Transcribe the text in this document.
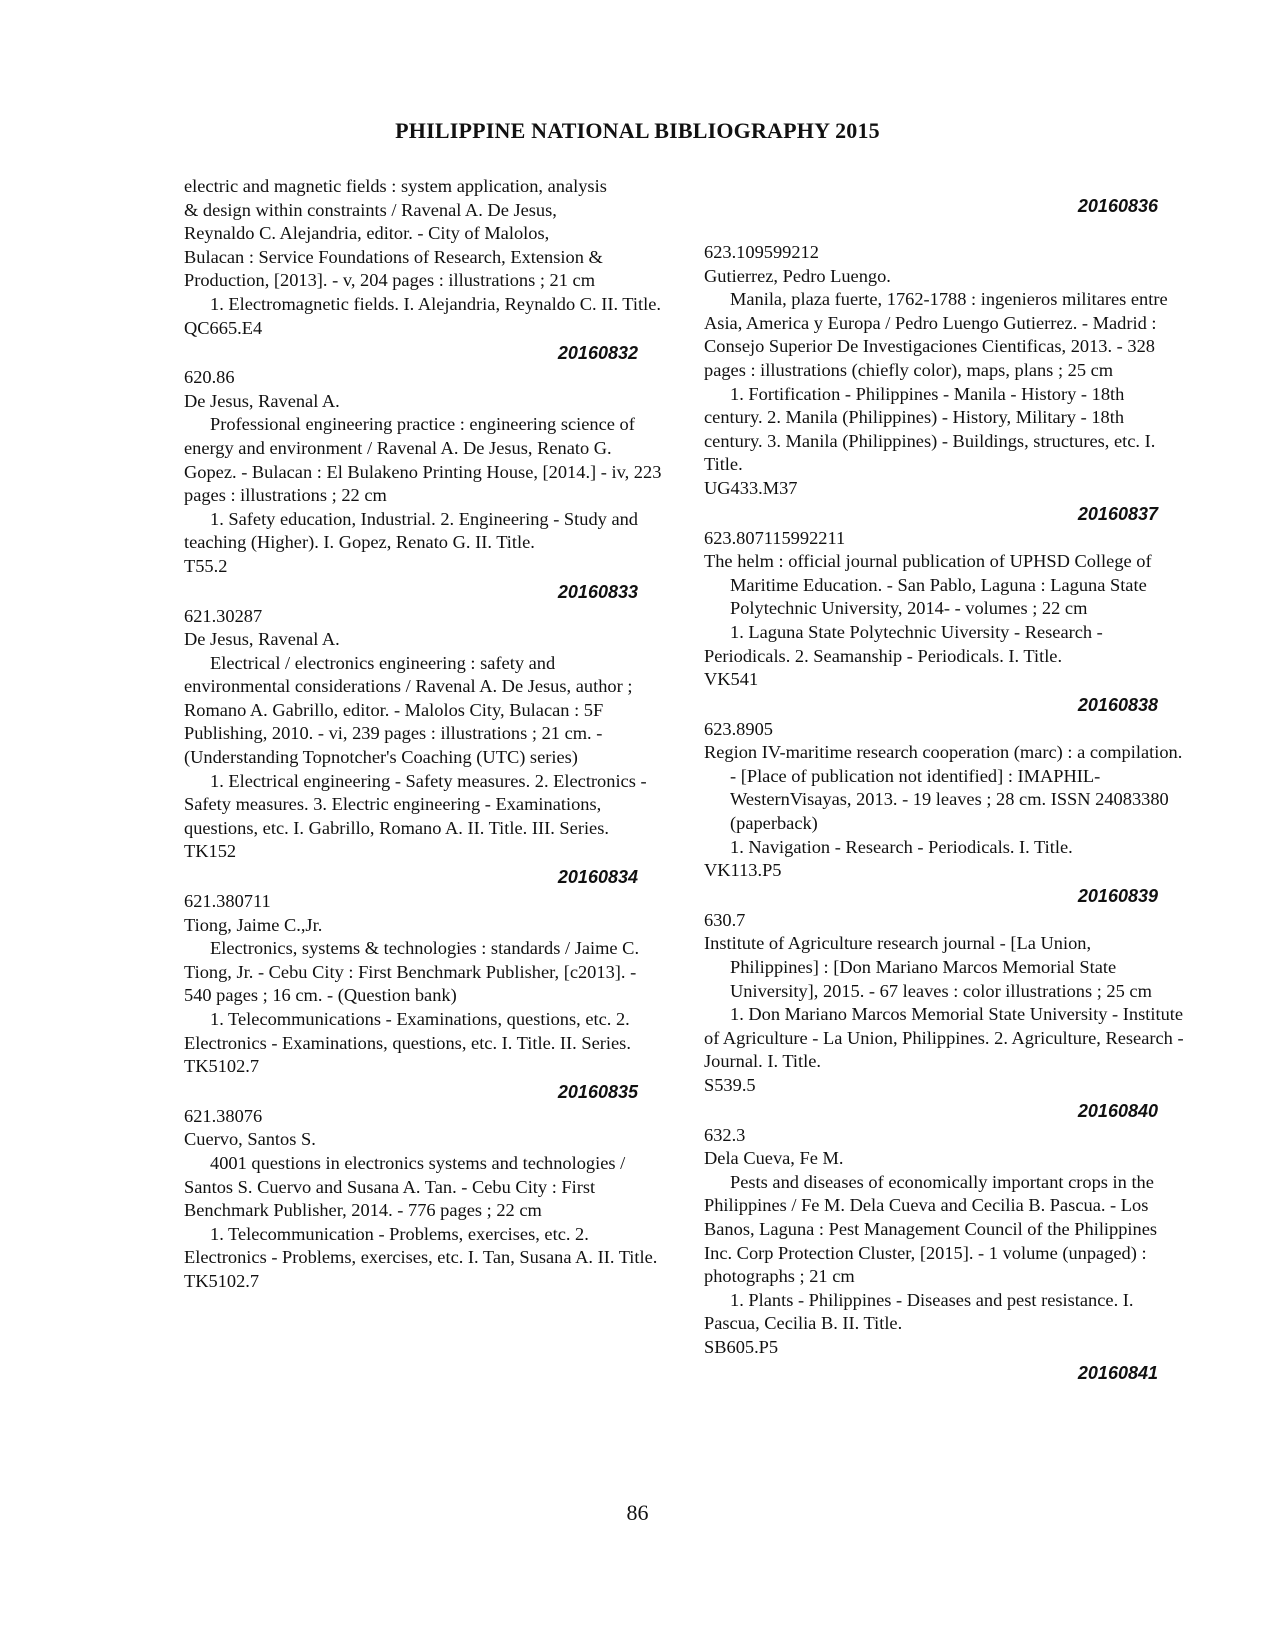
PHILIPPINE NATIONAL BIBLIOGRAPHY 2015

electric and magnetic fields : system application, analysis

& design within constraints / Ravenal A. De Jesus,

Reynaldo C. Alejandria, editor. - City of Malolos,

Bulacan : Service Foundations of Research, Extension &

Production, [2013]. - v, 204 pages : illustrations ; 21 cm

1. Electromagnetic fields. I. Alejandria, Reynaldo C. II. Title.

QC665.E4

20160832

620.86

De Jesus, Ravenal A.

Professional engineering practice : engineering science of energy and environment / Ravenal A. De Jesus, Renato G. Gopez. - Bulacan : El Bulakeno Printing House, [2014.] - iv, 223 pages : illustrations ; 22 cm

1. Safety education, Industrial. 2. Engineering - Study and teaching (Higher). I. Gopez, Renato G. II. Title.

T55.2

20160833

621.30287

De Jesus, Ravenal A.

Electrical / electronics engineering : safety and environmental considerations / Ravenal A. De Jesus, author ; Romano A. Gabrillo, editor. - Malolos City, Bulacan : 5F Publishing, 2010. - vi, 239 pages : illustrations ; 21 cm. - (Understanding Topnotcher's Coaching (UTC) series)

1. Electrical engineering - Safety measures. 2. Electronics - Safety measures. 3. Electric engineering - Examinations, questions, etc. I. Gabrillo, Romano A. II. Title. III. Series.

TK152

20160834

621.380711

Tiong, Jaime C.,Jr.

Electronics, systems & technologies : standards / Jaime C. Tiong, Jr. - Cebu City : First Benchmark Publisher, [c2013]. - 540 pages ; 16 cm. - (Question bank)

1. Telecommunications - Examinations, questions, etc. 2. Electronics - Examinations, questions, etc. I. Title. II. Series.

TK5102.7

20160835

621.38076

Cuervo, Santos S.

4001 questions in electronics systems and technologies / Santos S. Cuervo and Susana A. Tan. - Cebu City : First Benchmark Publisher, 2014. - 776 pages ; 22 cm

1. Telecommunication - Problems, exercises, etc. 2. Electronics - Problems, exercises, etc. I. Tan, Susana A. II. Title.

TK5102.7

20160836

623.109599212

Gutierrez, Pedro Luengo.

Manila, plaza fuerte, 1762-1788 : ingenieros militares entre Asia, America y Europa / Pedro Luengo Gutierrez. - Madrid : Consejo Superior De Investigaciones Cientificas, 2013. - 328 pages : illustrations (chiefly color), maps, plans ; 25 cm

1. Fortification - Philippines - Manila - History - 18th century. 2. Manila (Philippines) - History, Military - 18th century. 3. Manila (Philippines) - Buildings, structures, etc. I. Title.

UG433.M37

20160837

623.807115992211

The helm : official journal publication of UPHSD College of Maritime Education. - San Pablo, Laguna : Laguna State Polytechnic University, 2014- - volumes ; 22 cm

1. Laguna State Polytechnic Uiversity - Research - Periodicals. 2. Seamanship - Periodicals. I. Title.

VK541

20160838

623.8905

Region IV-maritime research cooperation (marc) : a compilation. - [Place of publication not identified] : IMAPHIL-WesternVisayas, 2013. - 19 leaves ; 28 cm. ISSN 24083380 (paperback)

1. Navigation - Research - Periodicals. I. Title.

VK113.P5

20160839

630.7

Institute of Agriculture research journal - [La Union, Philippines] : [Don Mariano Marcos Memorial State University], 2015. - 67 leaves : color illustrations ; 25 cm

1. Don Mariano Marcos Memorial State University - Institute of Agriculture - La Union, Philippines. 2. Agriculture, Research - Journal. I. Title.

S539.5

20160840

632.3

Dela Cueva, Fe M.

Pests and diseases of economically important crops in the Philippines / Fe M. Dela Cueva and Cecilia B. Pascua. - Los Banos, Laguna : Pest Management Council of the Philippines Inc. Corp Protection Cluster, [2015]. - 1 volume (unpaged) : photographs ; 21 cm

1. Plants - Philippines - Diseases and pest resistance. I. Pascua, Cecilia B. II. Title.

SB605.P5

20160841

86
